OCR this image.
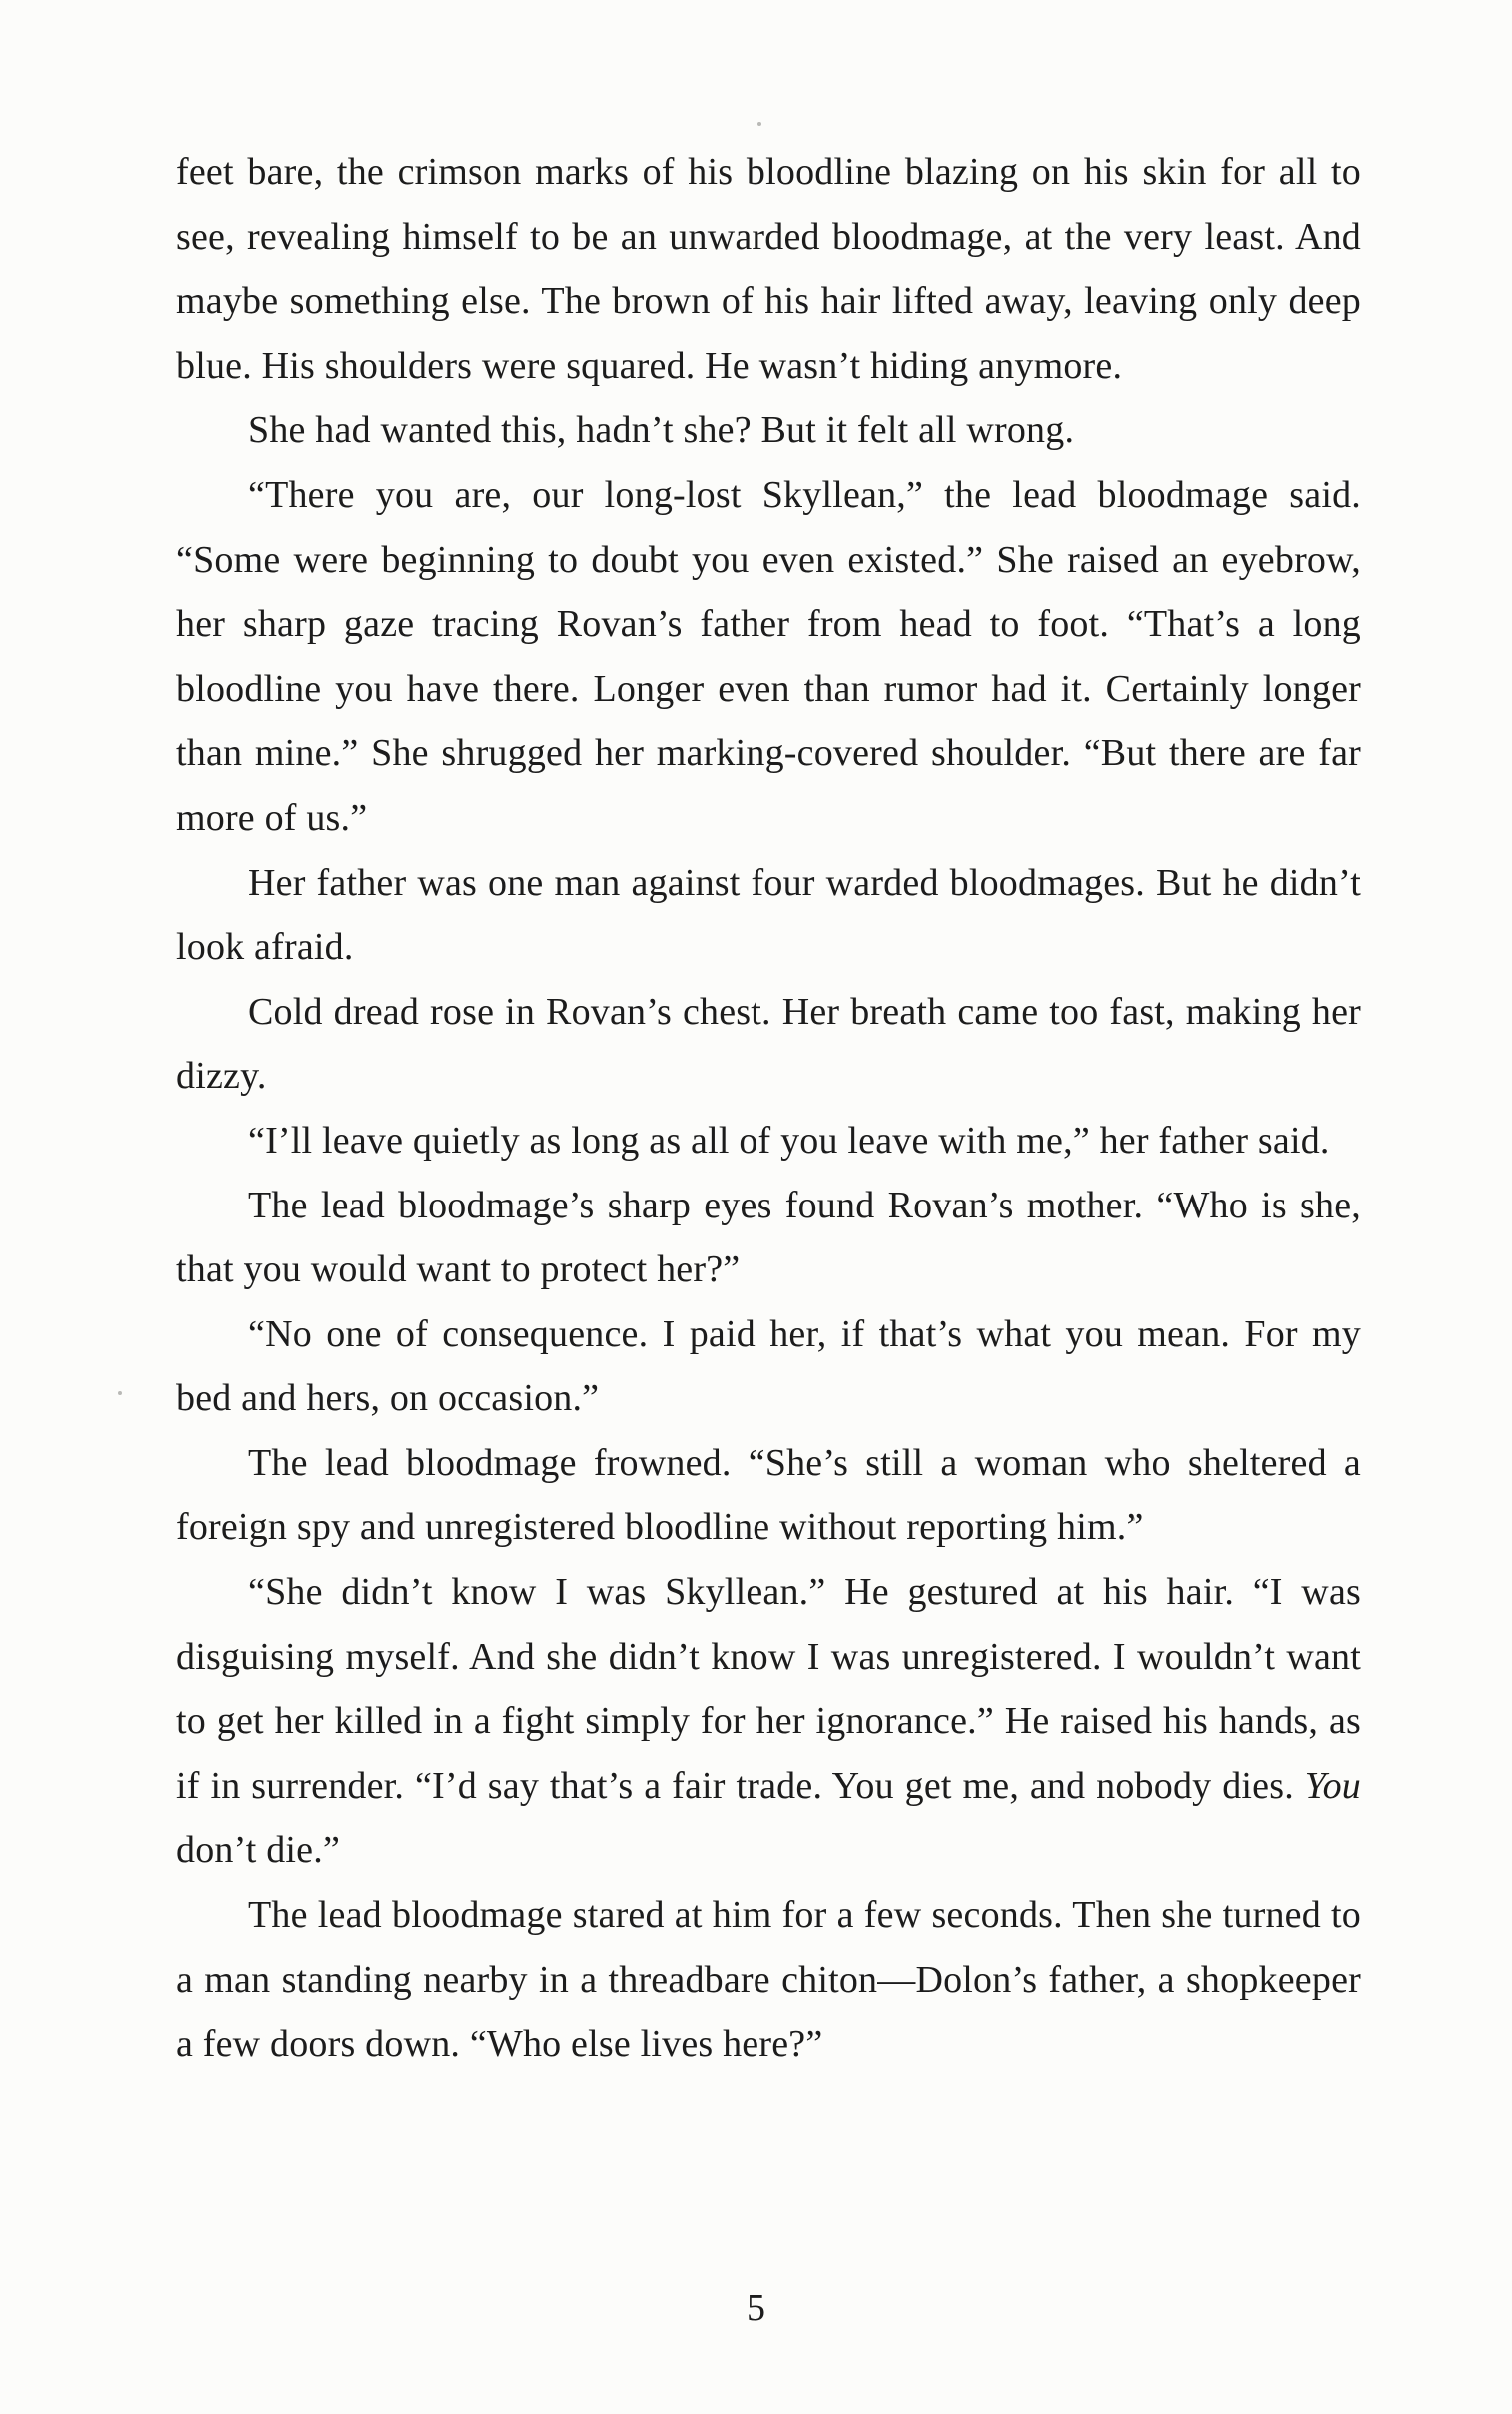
feet bare, the crimson marks of his bloodline blazing on his skin for all to see, revealing himself to be an unwarded bloodmage, at the very least. And maybe something else. The brown of his hair lifted away, leaving only deep blue. His shoulders were squared. He wasn’t hiding anymore.

She had wanted this, hadn’t she? But it felt all wrong.

“There you are, our long-lost Skyllean,” the lead bloodmage said. “Some were beginning to doubt you even existed.” She raised an eyebrow, her sharp gaze tracing Rovan’s father from head to foot. “That’s a long bloodline you have there. Longer even than rumor had it. Certainly longer than mine.” She shrugged her marking-covered shoulder. “But there are far more of us.”

Her father was one man against four warded bloodmages. But he didn’t look afraid.

Cold dread rose in Rovan’s chest. Her breath came too fast, making her dizzy.

“I’ll leave quietly as long as all of you leave with me,” her father said.

The lead bloodmage’s sharp eyes found Rovan’s mother. “Who is she, that you would want to protect her?”

“No one of consequence. I paid her, if that’s what you mean. For my bed and hers, on occasion.”

The lead bloodmage frowned. “She’s still a woman who sheltered a foreign spy and unregistered bloodline without reporting him.”

“She didn’t know I was Skyllean.” He gestured at his hair. “I was disguising myself. And she didn’t know I was unregistered. I wouldn’t want to get her killed in a fight simply for her ignorance.” He raised his hands, as if in surrender. “I’d say that’s a fair trade. You get me, and nobody dies. You don’t die.”

The lead bloodmage stared at him for a few seconds. Then she turned to a man standing nearby in a threadbare chiton—Dolon’s father, a shopkeeper a few doors down. “Who else lives here?”

5
